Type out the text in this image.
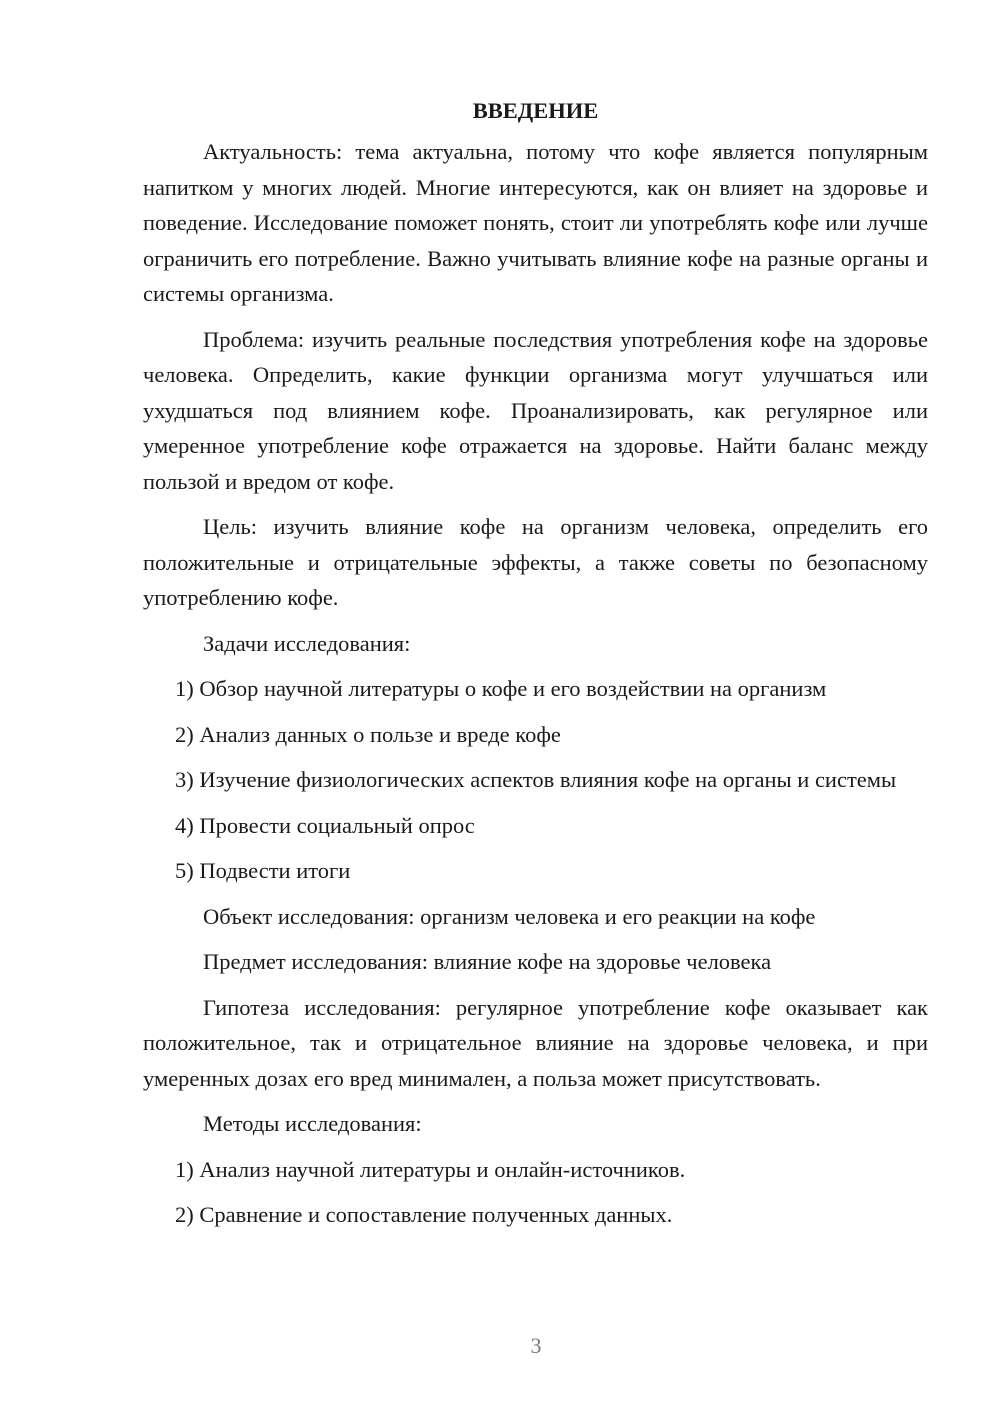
ВВЕДЕНИЕ

Актуальность: тема актуальна, потому что кофе является популярным напитком у многих людей. Многие интересуются, как он влияет на здоровье и поведение. Исследование поможет понять, стоит ли употреблять кофе или лучше ограничить его потребление. Важно учитывать влияние кофе на разные органы и системы организма.

Проблема: изучить реальные последствия употребления кофе на здоровье человека. Определить, какие функции организма могут улучшаться или ухудшаться под влиянием кофе. Проанализировать, как регулярное или умеренное употребление кофе отражается на здоровье. Найти баланс между пользой и вредом от кофе.

Цель: изучить влияние кофе на организм человека, определить его положительные и отрицательные эффекты, а также советы по безопасному употреблению кофе.

Задачи исследования:

1) Обзор научной литературы о кофе и его воздействии на организм

2) Анализ данных о пользе и вреде кофе

3) Изучение физиологических аспектов влияния кофе на органы и системы

4) Провести социальный опрос

5) Подвести итоги

Объект исследования: организм человека и его реакции на кофе

Предмет исследования: влияние кофе на здоровье человека

Гипотеза исследования: регулярное употребление кофе оказывает как положительное, так и отрицательное влияние на здоровье человека, и при умеренных дозах его вред минимален, а польза может присутствовать.

Методы исследования:

1) Анализ научной литературы и онлайн-источников.

2) Сравнение и сопоставление полученных данных.

3
